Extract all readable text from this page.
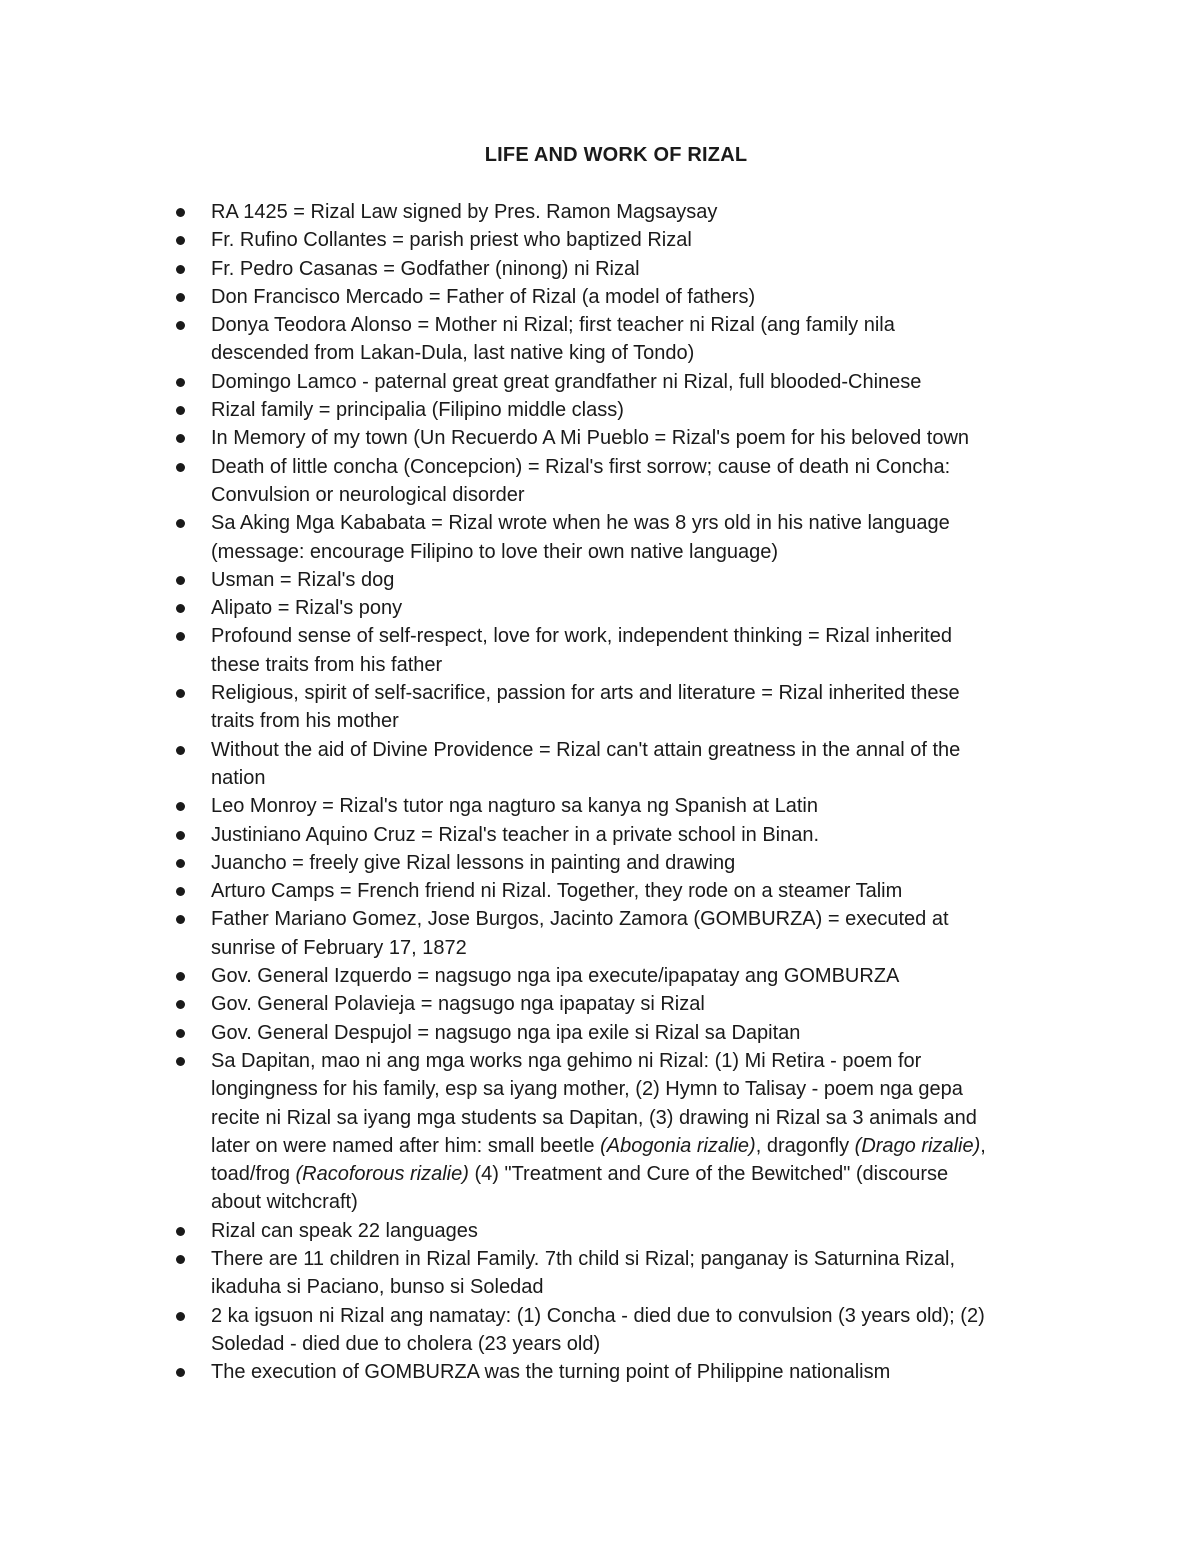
LIFE AND WORK OF RIZAL
RA 1425 = Rizal Law signed by Pres. Ramon Magsaysay
Fr. Rufino Collantes = parish priest who baptized Rizal
Fr. Pedro Casanas = Godfather (ninong) ni Rizal
Don Francisco Mercado = Father of Rizal (a model of fathers)
Donya Teodora Alonso = Mother ni Rizal; first teacher ni Rizal (ang family nila
descended from Lakan-Dula, last native king of Tondo)
Domingo Lamco - paternal great great grandfather ni Rizal, full blooded-Chinese
Rizal family = principalia (Filipino middle class)
In Memory of my town (Un Recuerdo A Mi Pueblo = Rizal's poem for his beloved town
Death of little concha (Concepcion) = Rizal's first sorrow; cause of death ni Concha:
Convulsion or neurological disorder
Sa Aking Mga Kababata = Rizal wrote when he was 8 yrs old in his native language
(message: encourage Filipino to love their own native language)
Usman = Rizal's dog
Alipato = Rizal's pony
Profound sense of self-respect, love for work, independent thinking = Rizal inherited
these traits from his father
Religious, spirit of self-sacrifice, passion for arts and literature = Rizal inherited these
traits from his mother
Without the aid of Divine Providence = Rizal can't attain greatness in the annal of the
nation
Leo Monroy = Rizal's tutor nga nagturo sa kanya ng Spanish at Latin
Justiniano Aquino Cruz = Rizal's teacher in a private school in Binan.
Juancho = freely give Rizal lessons in painting and drawing
Arturo Camps = French friend ni Rizal. Together, they rode on a steamer Talim
Father Mariano Gomez, Jose Burgos, Jacinto Zamora (GOMBURZA) = executed at
sunrise of February 17, 1872
Gov. General Izquerdo = nagsugo nga ipa execute/ipapatay ang GOMBURZA
Gov. General Polavieja = nagsugo nga ipapatay si Rizal
Gov. General Despujol = nagsugo nga ipa exile si Rizal sa Dapitan
Sa Dapitan, mao ni ang mga works nga gehimo ni Rizal: (1) Mi Retira - poem for
longingness for his family, esp sa iyang mother, (2) Hymn to Talisay - poem nga gepa
recite ni Rizal sa iyang mga students sa Dapitan, (3) drawing ni Rizal sa 3 animals and
later on were named after him: small beetle (Abogonia rizalie), dragonfly (Drago rizalie),
toad/frog (Racoforous rizalie) (4) "Treatment and Cure of the Bewitched" (discourse
about witchcraft)
Rizal can speak 22 languages
There are 11 children in Rizal Family. 7th child si Rizal; panganay is Saturnina Rizal,
ikaduha si Paciano, bunso si Soledad
2 ka igsuon ni Rizal ang namatay: (1) Concha - died due to convulsion (3 years old); (2)
Soledad - died due to cholera (23 years old)
The execution of GOMBURZA was the turning point of Philippine nationalism
